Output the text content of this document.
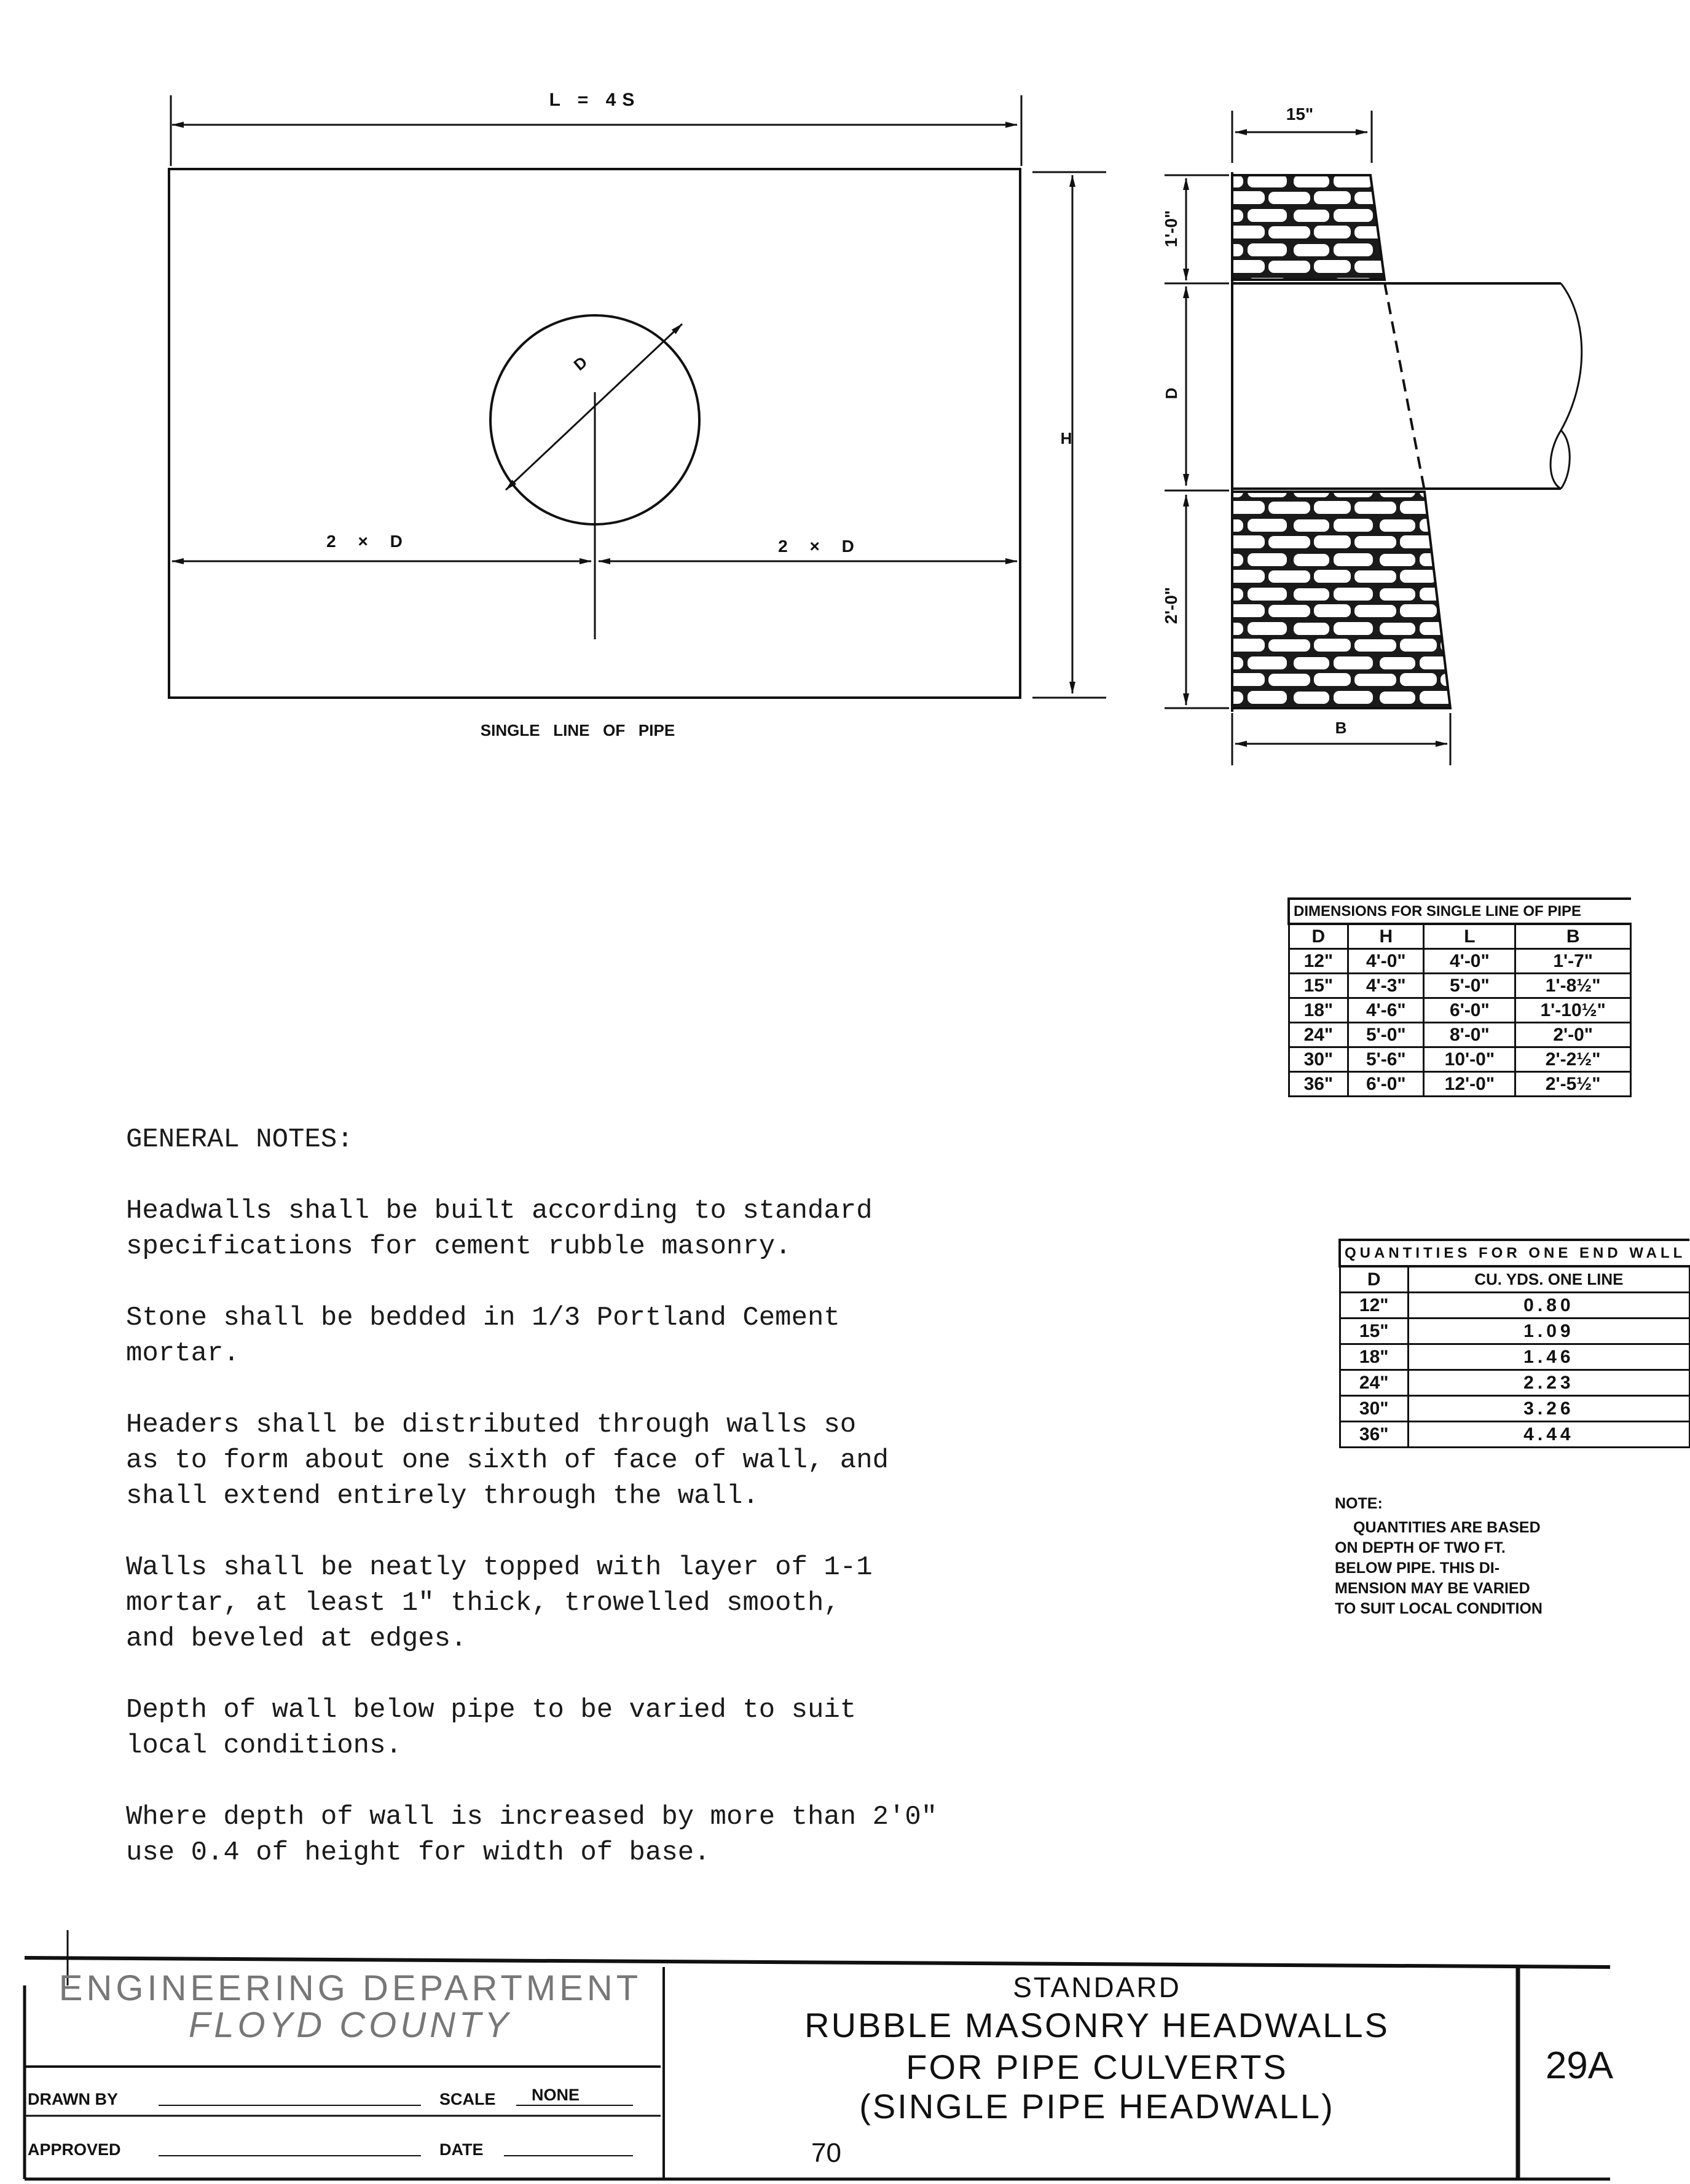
L = 4S
H
D
2 × D	2 × D
SINGLE   LINE   OF   PIPE
15"
1'-0"
D
2'-0"
B
DIMENSIONS FOR SINGLE LINE OF PIPE			
D	H	L	B
12"	4'-0"	4'-0"	1'-7"
15"	4'-3"	5'-0"	1'-8½"
18"	4'-6"	6'-0"	1'-10½"
24"	5'-0"	8'-0"	2'-0"
30"	5'-6"	10'-0"	2'-2½"
36"	6'-0"	12'-0"	2'-5½"
QUANTITIES FOR ONE END WALL	
D	CU. YDS. ONE LINE
12"	0.80
15"	1.09
18"	1.46
24"	2.23
30"	3.26
36"	4.44
NOTE:
QUANTITIES ARE BASED
ON DEPTH OF TWO FT.
BELOW PIPE. THIS DI-
MENSION MAY BE VARIED
TO SUIT LOCAL CONDITION
GENERAL NOTES:

Headwalls shall be built according to standard
specifications for cement rubble masonry.

Stone shall be bedded in 1/3 Portland Cement
mortar.

Headers shall be distributed through walls so
as to form about one sixth of face of wall, and
shall extend entirely through the wall.

Walls shall be neatly topped with layer of 1-1
mortar, at least 1" thick, trowelled smooth,
and beveled at edges.

Depth of wall below pipe to be varied to suit
local conditions.

Where depth of wall is increased by more than 2'0"
use 0.4 of height for width of base.

ENGINEERING DEPARTMENT
FLOYD COUNTY
DRAWN BY	SCALE NONE
APPROVED	DATE
STANDARD
RUBBLE MASONRY HEADWALLS
FOR PIPE CULVERTS
(SINGLE PIPE HEADWALL)
70
29A
